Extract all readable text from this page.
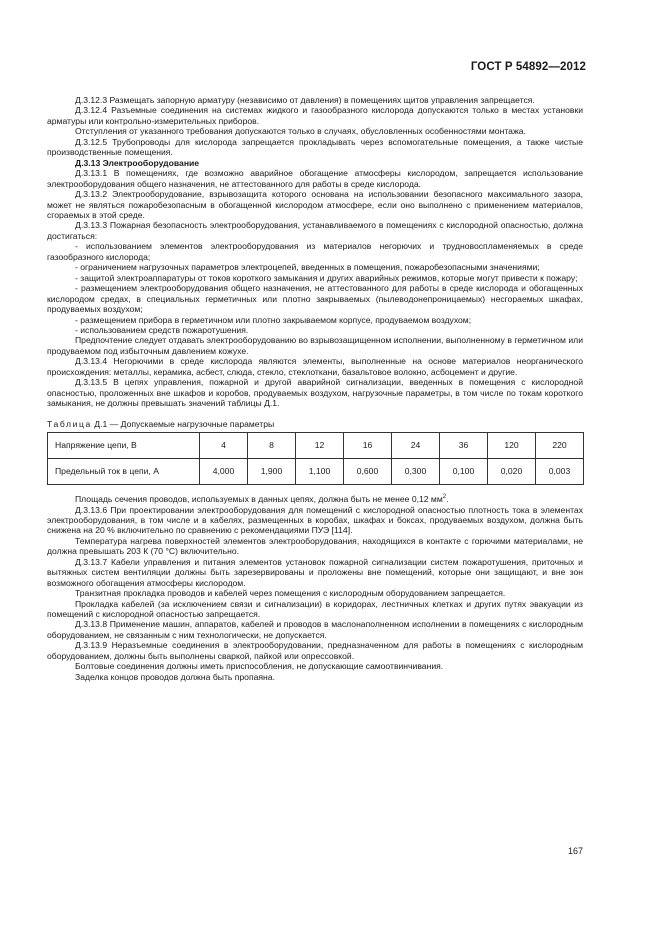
ГОСТ Р 54892—2012

Д.3.12.3 Размещать запорную арматуру (независимо от давления) в помещениях щитов управления запрещается.

Д.3.12.4 Разъемные соединения на системах жидкого и газообразного кислорода допускаются только в местах установки арматуры или контрольно-измерительных приборов.

Отступления от указанного требования допускаются только в случаях, обусловленных особенностями монтажа.

Д.3.12.5 Трубопроводы для кислорода запрещается прокладывать через вспомогательные помещения, а также чистые производственные помещения.

Д.3.13 Электрооборудование

Д.3.13.1 В помещениях, где возможно аварийное обогащение атмосферы кислородом, запрещается использование электрооборудования общего назначения, не аттестованного для работы в среде кислорода.

Д.3.13.2 Электрооборудование, взрывозащита которого основана на использовании безопасного максимального зазора, может не являться пожаробезопасным в обогащенной кислородом атмосфере, если оно выполнено с применением материалов, сгораемых в этой среде.

Д.3.13.3 Пожарная безопасность электрооборудования, устанавливаемого в помещениях с кислородной опасностью, должна достигаться:

- использованием элементов электрооборудования из материалов негорючих и трудновоспламеняемых в среде газообразного кислорода;

- ограничением нагрузочных параметров электроцепей, введенных в помещения, пожаробезопасными значениями;

- защитой электроаппаратуры от токов короткого замыкания и других аварийных режимов, которые могут привести к пожару;

- размещением электрооборудования общего назначения, не аттестованного для работы в среде кислорода и обогащенных кислородом средах, в специальных герметичных или плотно закрываемых (пылеводонепроницаемых) несгораемых шкафах, продуваемых воздухом;

- размещением прибора в герметичном или плотно закрываемом корпусе, продуваемом воздухом;

- использованием средств пожаротушения.

Предпочтение следует отдавать электрооборудованию во взрывозащищенном исполнении, выполненному в герметичном или продуваемом под избыточным давлением кожухе.

Д.3.13.4 Негорючими в среде кислорода являются элементы, выполненные на основе материалов неорганического происхождения: металлы, керамика, асбест, слюда, стекло, стеклоткани, базальтовое волокно, асбоцемент и другие.

Д.3.13.5 В цепях управления, пожарной и другой аварийной сигнализации, введенных в помещения с кислородной опасностью, проложенных вне шкафов и коробов, продуваемых воздухом, нагрузочные параметры, в том числе по токам короткого замыкания, не должны превышать значений таблицы Д.1.

Таблица Д.1 — Допускаемые нагрузочные параметры
Напряжение цепи, В	4	8	12	16	24	36	120	220
Предельный ток в цепи, А	4,000	1,900	1,100	0,600	0,300	0,100	0,020	0,003

Площадь сечения проводов, используемых в данных цепях, должна быть не менее 0,12 $мм^2$.

Д.3.13.6 При проектировании электрооборудования для помещений с кислородной опасностью плотность тока в элементах электрооборудования, в том числе и в кабелях, размещенных в коробах, шкафах и боксах, продуваемых воздухом, должна быть снижена на 20 % включительно по сравнению с рекомендациями ПУЭ [114].

Температура нагрева поверхностей элементов электрооборудования, находящихся в контакте с горючими материалами, не должна превышать 203 К (70 °С) включительно.

Д.3.13.7 Кабели управления и питания элементов установок пожарной сигнализации систем пожаротушения, приточных и вытяжных систем вентиляции должны быть зарезервированы и проложены вне помещений, которые они защищают, и вне зон возможного обогащения атмосферы кислородом.

Транзитная прокладка проводов и кабелей через помещения с кислородным оборудованием запрещается.

Прокладка кабелей (за исключением связи и сигнализации) в коридорах, лестничных клетках и других путях эвакуации из помещений с кислородной опасностью запрещается.

Д.3.13.8 Применение машин, аппаратов, кабелей и проводов в маслонаполненном исполнении в помещениях с кислородным оборудованием, не связанным с ним технологически, не допускается.

Д.3.13.9 Неразъемные соединения в электрооборудовании, предназначенном для работы в помещениях с кислородным оборудованием, должны быть выполнены сваркой, пайкой или опрессовкой.

Болтовые соединения должны иметь приспособления, не допускающие самоотвинчивания.

Заделка концов проводов должна быть пропаяна.

167
